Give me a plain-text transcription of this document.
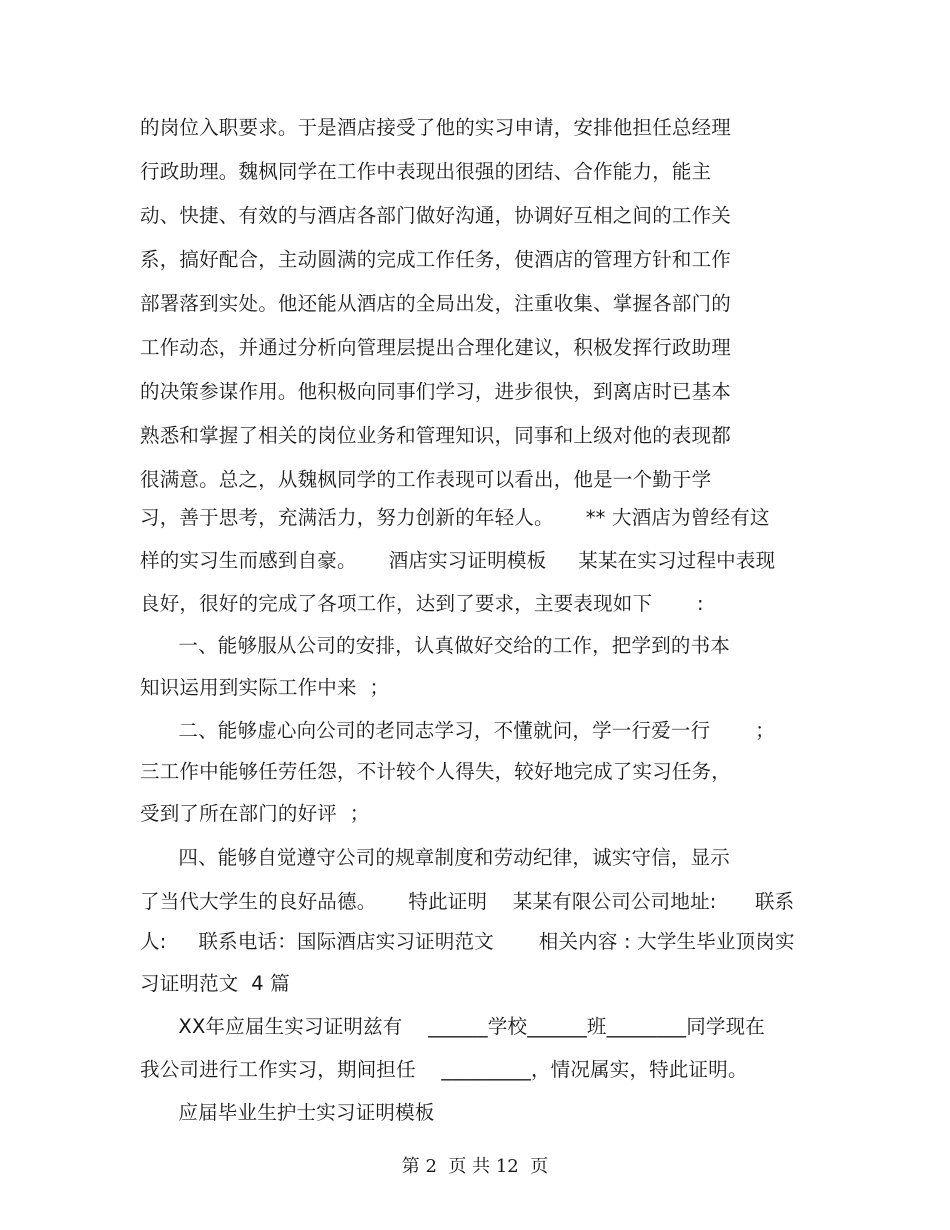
的岗位入职要求。于是酒店接受了他的实习申请，安排他担任总经理
行政助理。魏枫同学在工作中表现出很强的团结、合作能力，能主
动、快捷、有效的与酒店各部门做好沟通，协调好互相之间的工作关
系，搞好配合，主动圆满的完成工作任务，使酒店的管理方针和工作
部署落到实处。他还能从酒店的全局出发，注重收集、掌握各部门的
工作动态，并通过分析向管理层提出合理化建议，积极发挥行政助理
的决策参谋作用。他积极向同事们学习，进步很快，到离店时已基本
熟悉和掌握了相关的岗位业务和管理知识，同事和上级对他的表现都
很满意。总之，从魏枫同学的工作表现可以看出，他是一个勤于学
习，善于思考，充满活力，努力创新的年轻人。     ** 大酒店为曾经有这
样的实习生而感到自豪。     酒店实习证明模板     某某在实习过程中表现
良好，很好的完成了各项工作，达到了要求，主要表现如下       :
一、能够服从公司的安排，认真做好交给的工作，把学到的书本
知识运用到实际工作中来  ；
二、能够虚心向公司的老同志学习，不懂就问，学一行爱一行       ；
三工作中能够任劳任怨，不计较个人得失，较好地完成了实习任务，
受到了所在部门的好评  ；
四、能够自觉遵守公司的规章制度和劳动纪律，诚实守信，显示
了当代大学生的良好品德。     特此证明    某某有限公司公司地址:      联系
人:     联系电话：国际酒店实习证明范文       相关内容 : 大学生毕业顶岗实
习证明范文  4 篇
XX年应届生实习证明兹有    ______学校______班________同学现在
我公司进行工作实习，期间担任    _________，情况属实，特此证明。
应届毕业生护士实习证明模板
第 2  页 共 12  页
